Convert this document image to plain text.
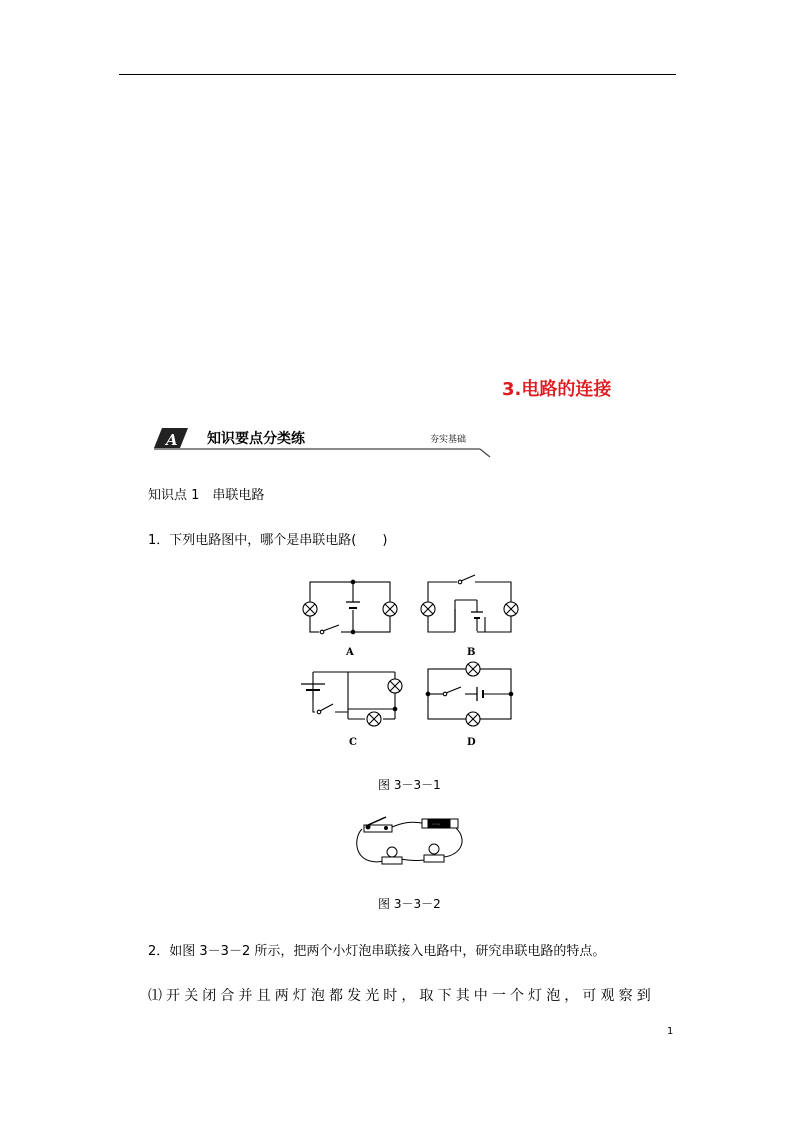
3.电路的连接
A 知识要点分类练	夯实基础
知识点 1　串联电路
1．下列电路图中，哪个是串联电路(　　)
A	B
C	D
图 3－3－1
◦◦◦
图 3－3－2
2．如图 3－3－2 所示，把两个小灯泡串联接入电路中，研究串联电路的特点。
⑴开关闭合并且两灯泡都发光时，取下其中一个灯泡，可观察到
1
